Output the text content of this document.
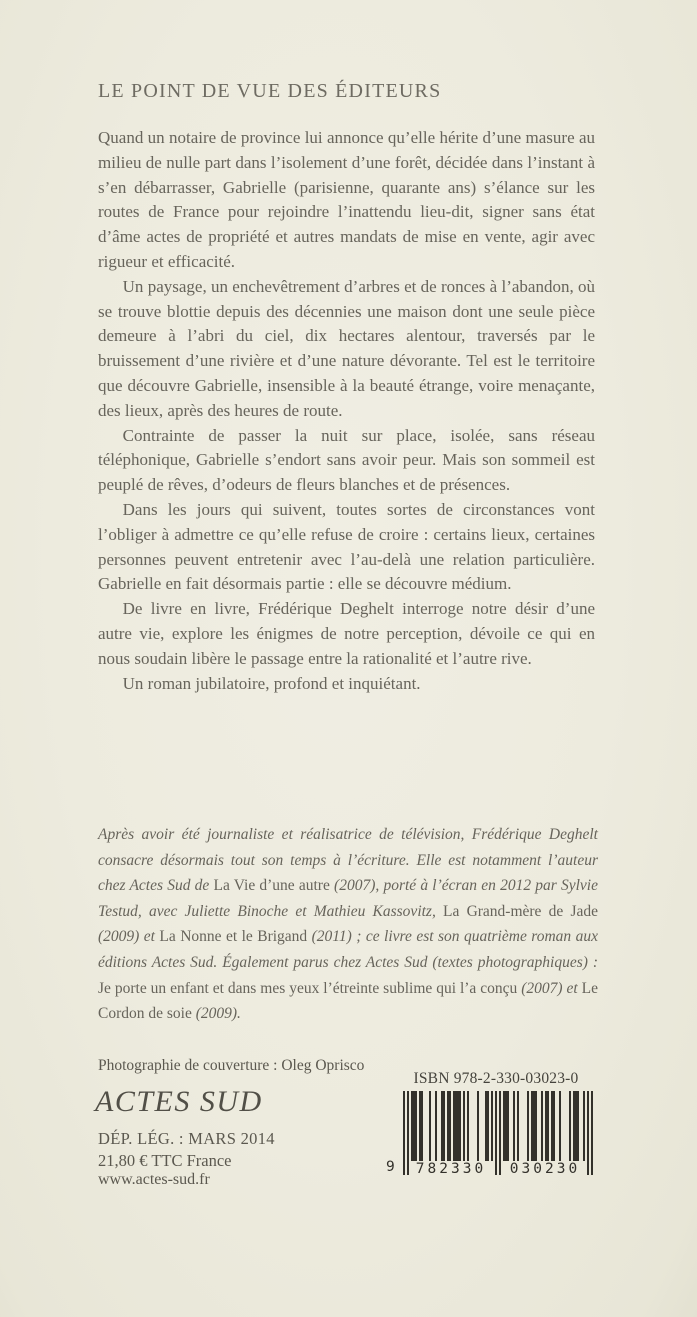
LE POINT DE VUE DES ÉDITEURS

Quand un notaire de province lui annonce qu’elle hérite d’une masure au milieu de nulle part dans l’isolement d’une forêt, décidée dans l’instant à s’en débarrasser, Gabrielle (parisienne, quarante ans) s’élance sur les routes de France pour rejoindre l’inattendu lieu-dit, signer sans état d’âme actes de propriété et autres mandats de mise en vente, agir avec rigueur et efficacité.

Un paysage, un enchevêtrement d’arbres et de ronces à l’abandon, où se trouve blottie depuis des décennies une maison dont une seule pièce demeure à l’abri du ciel, dix hectares alentour, traversés par le bruissement d’une rivière et d’une nature dévorante. Tel est le territoire que découvre Gabrielle, insensible à la beauté étrange, voire menaçante, des lieux, après des heures de route.

Contrainte de passer la nuit sur place, isolée, sans réseau téléphonique, Gabrielle s’endort sans avoir peur. Mais son sommeil est peuplé de rêves, d’odeurs de fleurs blanches et de présences.

Dans les jours qui suivent, toutes sortes de circonstances vont l’obliger à admettre ce qu’elle refuse de croire : certains lieux, certaines personnes peuvent entretenir avec l’au-delà une relation particulière. Gabrielle en fait désormais partie : elle se découvre médium.

De livre en livre, Frédérique Deghelt interroge notre désir d’une autre vie, explore les énigmes de notre perception, dévoile ce qui en nous soudain libère le passage entre la rationalité et l’autre rive.

Un roman jubilatoire, profond et inquiétant.

Après avoir été journaliste et réalisatrice de télévision, Frédérique Deghelt consacre désormais tout son temps à l’écriture. Elle est notamment l’auteur chez Actes Sud de La Vie d’une autre (2007), porté à l’écran en 2012 par Sylvie Testud, avec Juliette Binoche et Mathieu Kassovitz, La Grand-mère de Jade (2009) et La Nonne et le Brigand (2011) ; ce livre est son quatrième roman aux éditions Actes Sud. Également parus chez Actes Sud (textes photographiques) : Je porte un enfant et dans mes yeux l’étreinte sublime qui l’a conçu (2007) et Le Cordon de soie (2009).
Photographie de couverture : Oleg Oprisco
ACTES SUD
DÉP. LÉG. : MARS 2014
21,80 € TTC France
www.actes-sud.fr
ISBN 978-2-330-03023-0
9	782330	030230
